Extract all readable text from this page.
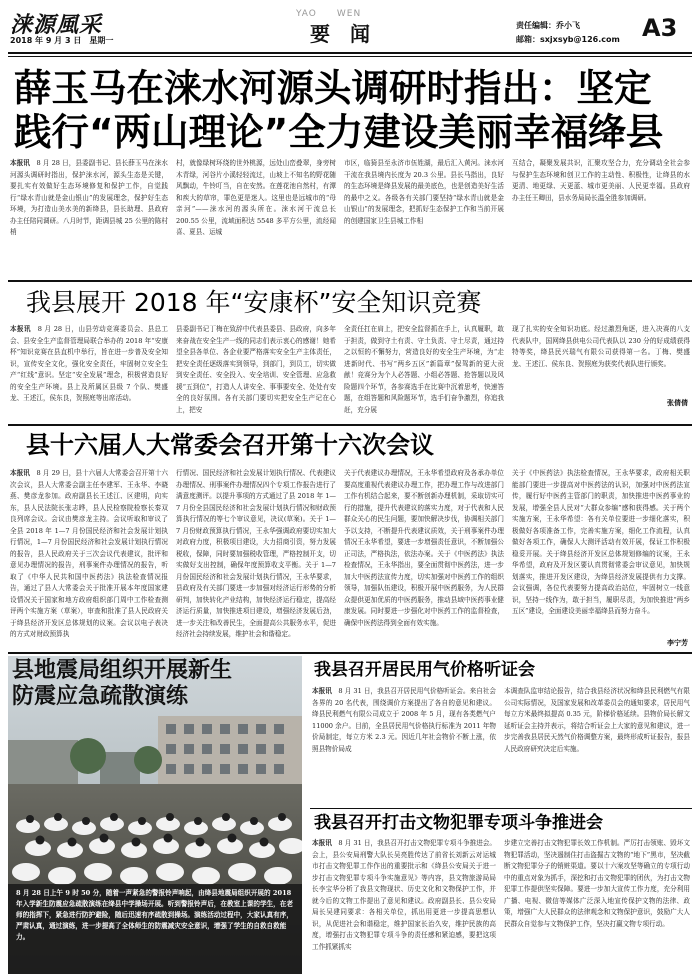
涞源風采
2018 年 9 月 3 日　星期一
YAO　　WEN
要　闻	责任编辑：乔小飞
邮箱：sxjxsyb@126.com A3
薛玉马在涞水河源头调研时指出：坚定
践行“两山理论”全力建设美丽幸福绛县
本报讯　 8 月 28 日，县委副书记、县长薛玉马在涞水河源头调研时指出，保护涞水河，源头生态是关键，要扎实有效做好生态环境修复和保护工作，自觉践行“绿水青山就是金山银山”的发展理念，保护好生态环境，为打造山美水美的新绛县，县长助理、县政府办主任陪同调研。八月时节，距调县城 25 公里的陈村梢
村，就像绿树环绕的世外桃源，远处山峦叠翠，身旁树木青绿，河谷片小溪轻轻流过，山坡上不知名的野花随风飘动，牛铃叮当，自在安然。在莲花池自然村，有潭和疾大的草帘，罪色更是迷人。这里也是远城市的“母亲河”——涞水河的源头所在。涞水河干流总长 200.55 公里，流域面积达 5548 多平方公里，流经闻喜、夏县、运城
市区，临猗县至永济市伍姓湖，最后汇入黄河。涞水河干流在我县境内长度为 20.3 公里。县长马指出，良好的生态环境是绛县发展的最美底色，也是创造美好生活的最中之义。各级各有关部门要坚持“绿水青山就是金山银山”的发展理念，把抓好生态保护工作和当前开展的创建国家卫生县城工作相
互结合，凝聚发展共识，汇聚攻坚合力，充分调动全社会参与保护生态环境和创卫工作的主动性、积极性，让绛县的水更清、地更绿、天更蓝、城市更美丽、人民更幸福。县政府办主任王卿田，县水务局局长温全胜参加调研。
我县展开 2018 年“安康杯”安全知识竞赛
本报讯　 8 月 28 日，山县劳动竞赛委员会、县总工会、县安全生产监督管理局联合举办的 2018 年“安康杯”知识竞赛在县直机中举行，旨在进一步普及安全知识，宣传安全文化，强化安全责任，牢固树立安全生产“红线”意识。坚定“安全发展”理念，积极营造良好的安全生产环境。县上及所属区县级 7 个队、樊盛龙、王述江，侯东良，贺照庭等出席活动。
县委副书记丁梅在致辞中代表县委县、县政府，向多年来奋战在安全生产一线的同志们表示衷心的感谢！她希望全县各单位、各企业要严格落实安全生产主体责任，把安全责任逐级落实到领导，到部门，到员工，切实做到安全责任、安全投入、安全培训、安全管理、应急救援“五到位”，打造人人讲安全、事事要安全、处处有安全的良好氛围。各有关部门要切实把安全生产记在心上，把安
全责任扛在肩上，把安全监督抓在手上，认真履职，敢于担责，做到守土有责、守土负责、守土尽责，通过持之以恒的不懈努力，营造良好的安全生产环境，为“走进新时代、书写“两乡五区”新篇章”保驾新的更大贡献！竞赛分为个人必答题、小组必答题、抢答题以及风险题四个环节，各参赛选手在比赛中沉着思考，快速答题，在组答题和风险题环节，选手们奋争激烈，你追我赶，充分展
现了扎实的安全知识功底。经过激烈角逐，进入决赛的八支代表队中，国网绛县供电公司代表队以 230 分的好成绩获得特等奖，绛县民兴瑞气有限公司获得第一名。丁梅、樊盛龙、王述江、侯东良、贺照庭为获奖代表队进行颁奖。
张倩倩
县十六届人大常委会召开第十六次会议
本报讯　 8 月 29 日，县十六届人大常委会召开第十六次会议，县人大常委会副主任李建军、王永华、李晓燕、樊彦龙参加。政府副县长王述江、区建明，向实东，县人民法院长张志晔，县人民检察院检察长秦双良列席会议。会议由樊彦龙主持。会议听取和审议了全县 2018 年 1—7 月份国民经济和社会发展计划执行情况，1—7 月份国民经济和社会发展计划执行情况的报告，县人民政府关于三次会议代表建议，批评和意见办理情况的报告，刑事案件办理情况的报告，听取了《中华人民共和国中医药法》执法检查情况报告，通过了县人大常委会关于批准开展本年度国家建设情况关于国家和地方政府组织部门周中工作检查测评两个实施方案（草案），审查和批准了县人民政府关于绛县经济开发区总体规划的议案。会议以电子表决的方式对财政预算执
行情况、国民经济和社会发展计划执行情况、代表建议办理情况、刑事案件办理情况四个专项工作报告进行了满意度测评。以提升事项的方式通过了县 2018 年 1—7 月份全县国民经济和社会发展计划执行情况和财政预算执行情况的等七个审议意见，决议(草案)。关于 1—7 月份财政预算执行情况，王永华强调政府要切实加大对政府力度，积极项目建设，大力招商引资，努力发展税收，保障，同时要加强税收管理，严格控制开支，切实做好支出控制，确保年度预算收支平衡。关于 1—7 月份国民经济和社会发展计划执行情况，王永华要求，县政府及有关部门要进一步加强对经济运行形势的分析研判，加快转化产业结构，加快经济运行稳定，提高经济运行质量，加快推进项目建设，增强经济发展后劲，进一步关注和改善民生，全面提高公共服务水平，促进经济社会持续发展，维护社会和谐稳定。
关于代表建议办理情况，王永华希望政府及各承办单位要高度重视代表建议办理工作，把办理工作与改进部门工作有机结合起来，要不断创新办理机制，采取切实可行的措施，提升代表建议的落实力度，对于代表和人民群众关心的民生问题，要加快解决步伐，协调相关部门予以支持，不断提升代表建议质效，关于刑事案件办理情况王永华希望，要进一步增强责任意识，不断加强公正司法，严格执法，依法办案。关于《中医药法》执法检查情况，王永华指出，要全面贯彻中医药法，进一步加大中医药法宣传力度，切实加强对中医药工作的组织领导，加强队伍建设，积极开展中医药服务，为人民群众提供更加优质的中医药服务，推动县域中医药事业健康发展。同时要进一步强化对中医药工作的监督检查，确保中医药法得到全面有效实施。
关于《中医药法》执法检查情况，王永华要求，政府相关职能部门要进一步提高对中医药法的认识，加强对中医药法宣传，履行好中医药主管部门的职责，加快推进中医药事业的发展，增强全县人民对“大群众参编”感和获得感。关于两个实施方案，王永华希望：各有关单位要进一步细化落实，积极做好各项准备工作，完善实施方案，细化工作流程，认真做好各项工作，确保人大测评活动有效开展，保证工作积极稳妥开展。关于绛县经济开发区总体规划修编的议案，王永华希望，政府及开发区要认真贯彻常委会审议意见，加快规划落实，推进开发区建设，为绛县经济发展提供有力支撑。会议强调，各位代表要努力提高政治站位，牢固树立一线意识，坚持一线作为，敢于担当，履职尽责，为加快推进“两乡五区”建设，全面建设美丽幸福绛县而努力奋斗。
李宁芳
县地震局组织开展新生
防震应急疏散演练
8 月 28 日上午 9 时 50 分，随着一声紧急的警报铃声响起，由绛县地震局组织开展的 2018 年入学新生防震应急疏散演练在绛县中学操场开展。听到警报铃声后，在教室上课的学生，在老师的指挥下，紧急进行防护避险，随后迅速有序疏散到操场。演练活动过程中，大家认真有序，严肃认真，通过演练，进一步提高了全体师生的防震减灾安全意识，增强了学生的自救自救能力。
我县召开居民用气价格听证会
本报讯　 8 月 31 日，我县召开居民用气价格听证会。来自社会各界的 20 名代表，围绕调价方案提出了各自的意见和建议。绛县民利燃气有限公司成立于 2008 年 5 月，现有各类燃气户 11000 余户。目前，全县居民用气价格执行标准为 2011 年物价局制定，每立方米 2.3 元。因近几年社会物价不断上涨，依照县物价局成
本调查队监审结论报告，结合我县经济状况和绛县民利燃气有限公司实际情况，及国家发展和改革委员会的通知要求，居民用气每立方米最终拟提高 0.35 元，阶梯价格延续。县物价局长解文延听证会主持并表示，将结合听证会上大家的意见和建议，进一步完善我县居民天然气价格调整方案，最终形成听证报告，报县人民政府研究决定后实施。
我县召开打击文物犯罪专项斗争推进会
本报讯　 8 月 31 日，我县召开打击文物犯罪专项斗争推进会。会上，县公安局刑警大队长吴亮胜传达了前省长刘新云对运城市打击文物犯罪工作作出的重要批示和《绛县公安局关于进一步打击文物犯罪专项斗争实施意见》等内容，县文物旅游局局长李宝华分析了我县文物现状、历史文化和文物保护工作，并就今后的文物工作提出了意见和建议。政府副县长、县公安局局长吴建同要求：各相关单位，抓出用更进一步提高思想认识，从促进社会和谐稳定，维护国家长治久安，维护民族的高度，增强打击文物犯罪专项斗争的责任感和紧迫感，要把这项工作抓紧抓实
步建立完善打击文物犯罪长效工作机制。严厉打击领账、毁坏文物犯罪活动，坚决遏制住打击盗掘古文物的“地下”黑市，坚决截断文物犯罪分子的销赃渠道。要以十六案攻坚等确立的专项行动中的重点对象为抓手，深挖和打击文物犯罪的团伙，为打击文物犯罪工作提供坚实保障。要进一步加大宣传工作力度，充分利用广播、电视、微信等媒体广泛深入地宣传保护文物的法律、政策，增强广大人民群众的法律观念和文物保护意识，鼓励广大人民群众自觉参与文物保护工作，坚决打赢文物专项行动。
